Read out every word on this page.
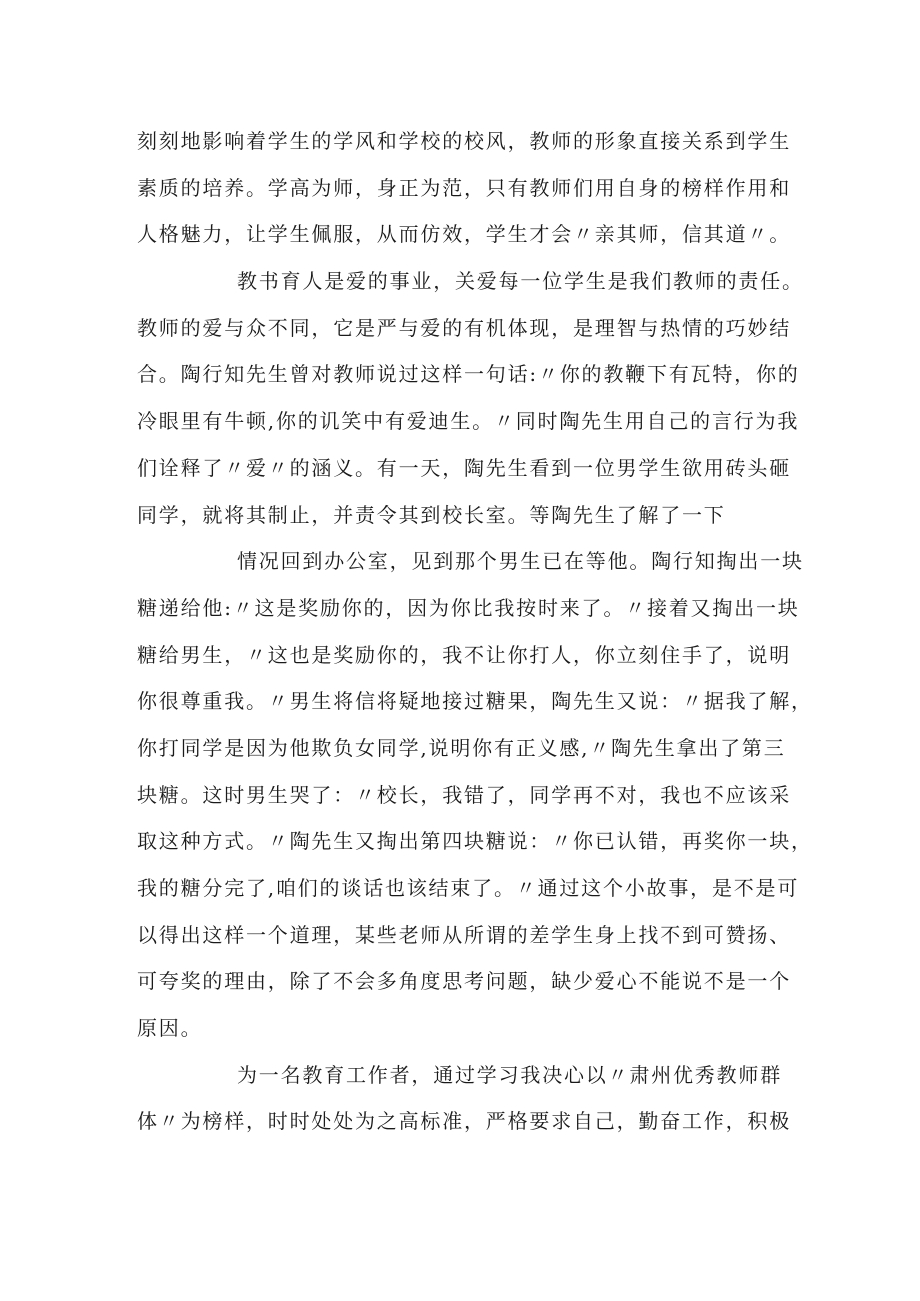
刻刻地影响着学生的学风和学校的校风，教师的形象直接关系到学生
素质的培养。学高为师，身正为范，只有教师们用自身的榜样作用和
人格魅力，让学生佩服，从而仿效，学生才会〃亲其师，信其道〃。
教书育人是爱的事业，关爱每一位学生是我们教师的责任。
教师的爱与众不同，它是严与爱的有机体现，是理智与热情的巧妙结
合。陶行知先生曾对教师说过这样一句话:〃你的教鞭下有瓦特，你的
冷眼里有牛顿,你的讥笑中有爱迪生。〃同时陶先生用自己的言行为我
们诠释了〃爱〃的涵义。有一天，陶先生看到一位男学生欲用砖头砸
同学，就将其制止，并责令其到校长室。等陶先生了解了一下
情况回到办公室，见到那个男生已在等他。陶行知掏出一块
糖递给他:〃这是奖励你的，因为你比我按时来了。〃接着又掏出一块
糖给男生，〃这也是奖励你的，我不让你打人，你立刻住手了，说明
你很尊重我。〃男生将信将疑地接过糖果，陶先生又说：〃据我了解，
你打同学是因为他欺负女同学,说明你有正义感,〃陶先生拿出了第三
块糖。这时男生哭了：〃校长，我错了，同学再不对，我也不应该采
取这种方式。〃陶先生又掏出第四块糖说：〃你已认错，再奖你一块，
我的糖分完了,咱们的谈话也该结束了。〃通过这个小故事，是不是可
以得出这样一个道理，某些老师从所谓的差学生身上找不到可赞扬、
可夸奖的理由，除了不会多角度思考问题，缺少爱心不能说不是一个
原因。
为一名教育工作者，通过学习我决心以〃肃州优秀教师群
体〃为榜样，时时处处为之高标准，严格要求自己，勤奋工作，积极
